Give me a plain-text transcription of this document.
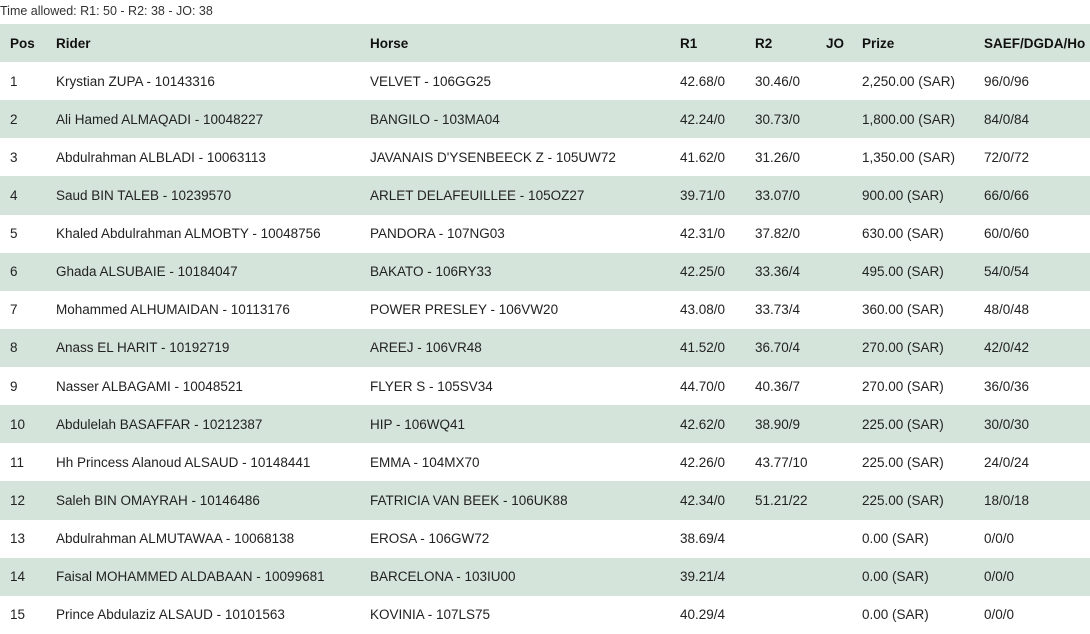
Time allowed: R1: 50 - R2: 38 - JO: 38
Pos	Rider	Horse	R1	R2	JO	Prize	SAEF/DGDA/Ho
1	Krystian ZUPA - 10143316	VELVET - 106GG25	42.68/0	30.46/0		2,250.00 (SAR)	96/0/96
2	Ali Hamed ALMAQADI - 10048227	BANGILO - 103MA04	42.24/0	30.73/0		1,800.00 (SAR)	84/0/84
3	Abdulrahman ALBLADI - 10063113	JAVANAIS D'YSENBEECK Z - 105UW72	41.62/0	31.26/0		1,350.00 (SAR)	72/0/72
4	Saud BIN TALEB - 10239570	ARLET DELAFEUILLEE - 105OZ27	39.71/0	33.07/0		900.00 (SAR)	66/0/66
5	Khaled Abdulrahman ALMOBTY - 10048756	PANDORA - 107NG03	42.31/0	37.82/0		630.00 (SAR)	60/0/60
6	Ghada ALSUBAIE - 10184047	BAKATO - 106RY33	42.25/0	33.36/4		495.00 (SAR)	54/0/54
7	Mohammed ALHUMAIDAN - 10113176	POWER PRESLEY - 106VW20	43.08/0	33.73/4		360.00 (SAR)	48/0/48
8	Anass EL HARIT - 10192719	AREEJ - 106VR48	41.52/0	36.70/4		270.00 (SAR)	42/0/42
9	Nasser ALBAGAMI - 10048521	FLYER S - 105SV34	44.70/0	40.36/7		270.00 (SAR)	36/0/36
10	Abdulelah BASAFFAR - 10212387	HIP - 106WQ41	42.62/0	38.90/9		225.00 (SAR)	30/0/30
11	Hh Princess Alanoud ALSAUD - 10148441	EMMA - 104MX70	42.26/0	43.77/10		225.00 (SAR)	24/0/24
12	Saleh BIN OMAYRAH - 10146486	FATRICIA VAN BEEK - 106UK88	42.34/0	51.21/22		225.00 (SAR)	18/0/18
13	Abdulrahman ALMUTAWAA - 10068138	EROSA - 106GW72	38.69/4			0.00 (SAR)	0/0/0
14	Faisal MOHAMMED ALDABAAN - 10099681	BARCELONA - 103IU00	39.21/4			0.00 (SAR)	0/0/0
15	Prince Abdulaziz ALSAUD - 10101563	KOVINIA - 107LS75	40.29/4			0.00 (SAR)	0/0/0
